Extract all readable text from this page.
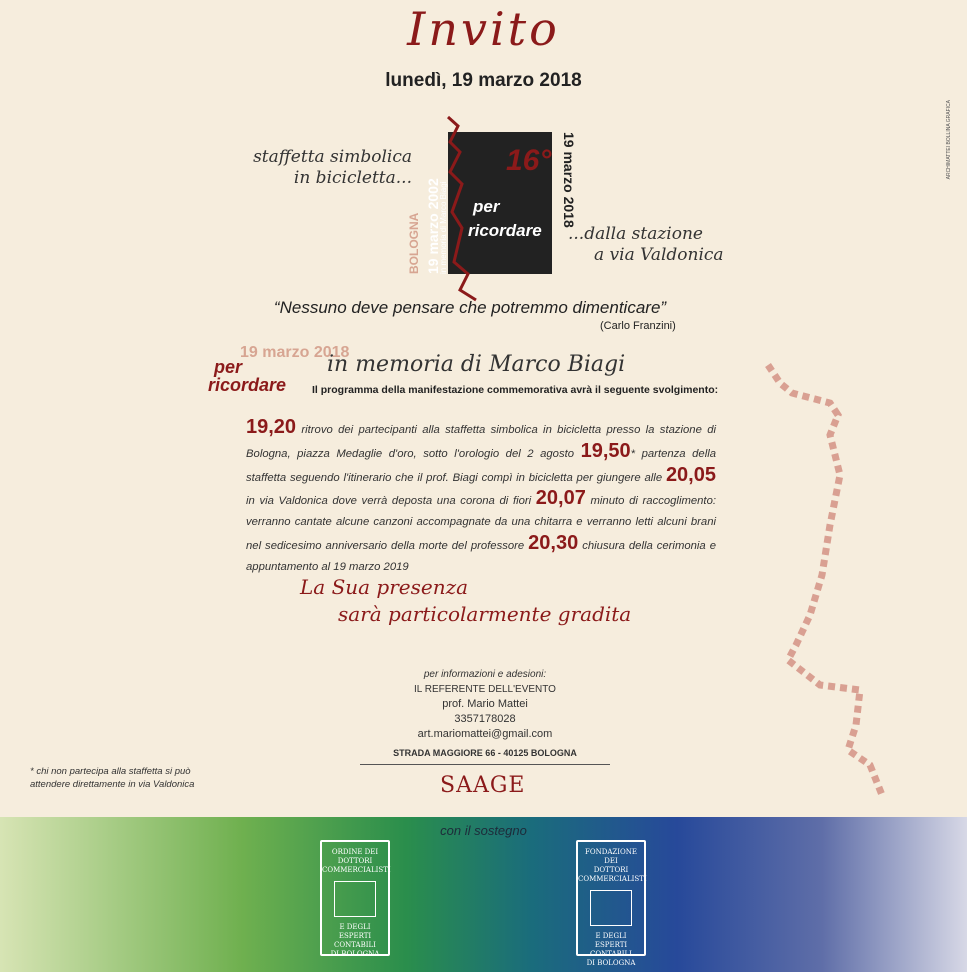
Invito
lunedì, 19 marzo 2018
staffetta simbolica
in bicicletta...
16°
per
ricordare
19 marzo 2002
BOLOGNA in memoria di Marco Biagi
19 marzo 2018
...dalla stazione
a via Valdonica
“Nessuno deve pensare che potremmo dimenticare”
(Carlo Franzini)
19 marzo 2018
in memoria di Marco Biagi
per
ricordare Il programma della manifestazione commemorativa avrà il seguente svolgimento:
19,20 ritrovo dei partecipanti alla staffetta simbolica in bicicletta presso la stazione di Bologna, piazza Medaglie d'oro, sotto l'orologio del 2 agosto 19,50* partenza della staffetta seguendo l'itinerario che il prof. Biagi compì in bicicletta per giungere alle 20,05 in via Valdonica dove verrà deposta una corona di fiori 20,07 minuto di raccoglimento: verranno cantate alcune canzoni accompagnate da una chitarra e verranno letti alcuni brani nel sedicesimo anniversario della morte del professore 20,30 chiusura della cerimonia e appuntamento al 19 marzo 2019
La Sua presenza
sarà particolarmente gradita
per informazioni e adesioni:
IL REFERENTE DELL'EVENTO
prof. Mario Mattei
3357178028
art.mariomattei@gmail.com
STRADA MAGGIORE 66 - 40125 BOLOGNA
* chi non partecipa alla staffetta si può attendere direttamente in via Valdonica	SAAGE
con il sostegno
ORDINE DEI
DOTTORI
COMMERCIALISTI
E DEGLI
ESPERTI CONTABILI
DI BOLOGNA
FONDAZIONE DEI
DOTTORI
COMMERCIALISTI
E DEGLI
ESPERTI CONTABILI
DI BOLOGNA
ARCHIMATTEI BOLLINA GRAFICA
